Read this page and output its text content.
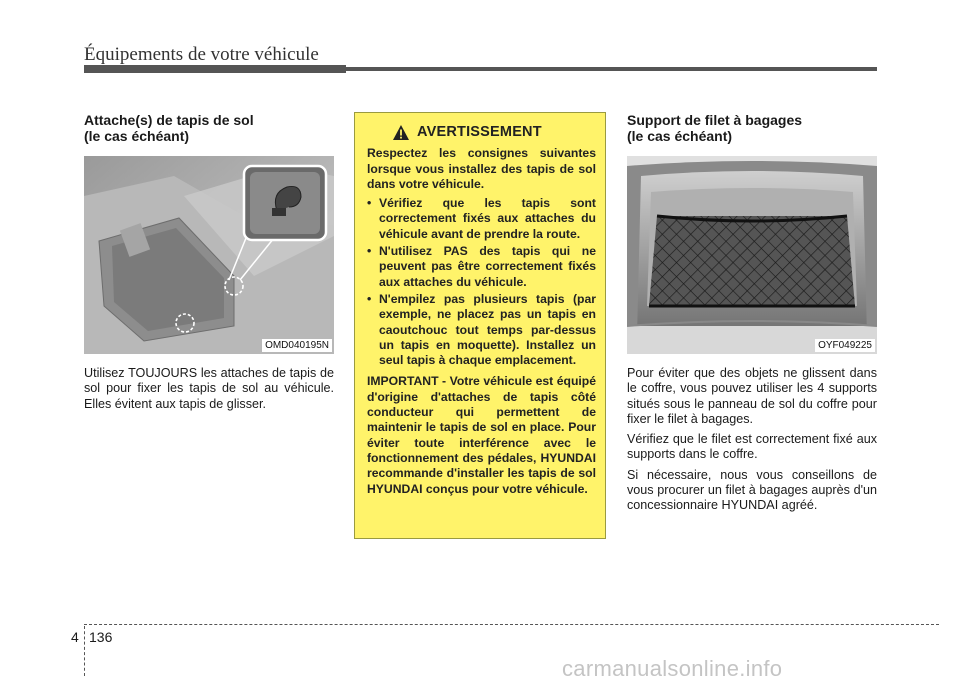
Équipements de votre véhicule
Attache(s) de tapis de sol
(le cas échéant)
OMD040195N

Utilisez TOUJOURS les attaches de tapis de sol pour fixer les tapis de sol au véhicule. Elles évitent aux tapis de glisser.

AVERTISSEMENT

Respectez les consignes suivantes lorsque vous installez des tapis de sol dans votre véhicule.

• Vérifiez que les tapis sont correctement fixés aux attaches du véhicule avant de prendre la route.
• N'utilisez PAS des tapis qui ne peuvent pas être correctement fixés aux attaches du véhicule.
• N'empilez pas plusieurs tapis (par exemple, ne placez pas un tapis en caoutchouc tout temps par-dessus un tapis en moquette). Installez un seul tapis à chaque emplacement.

IMPORTANT - Votre véhicule est équipé d'origine d'attaches de tapis côté conducteur qui permettent de maintenir le tapis de sol en place. Pour éviter toute interférence avec le fonctionnement des pédales, HYUNDAI recommande d'installer les tapis de sol HYUNDAI conçus pour votre véhicule.

Support de filet à bagages
(le cas échéant)
OYF049225

Pour éviter que des objets ne glissent dans le coffre, vous pouvez utiliser les 4 supports situés sous le panneau de sol du coffre pour fixer le filet à bagages.

Vérifiez que le filet est correctement fixé aux supports dans le coffre.

Si nécessaire, nous vous conseillons de vous procurer un filet à bagages auprès d'un concessionnaire HYUNDAI agréé.

4 136
carmanualsonline.info
